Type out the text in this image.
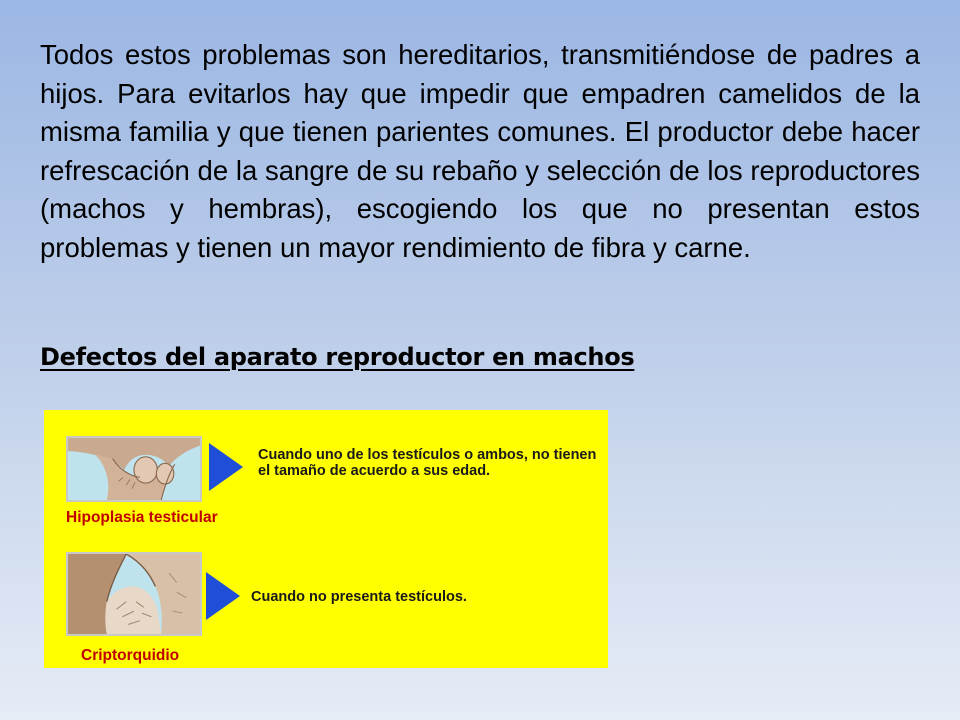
Todos estos problemas son hereditarios, transmitiéndose de padres a hijos. Para evitarlos hay que impedir que empadren camelidos de la misma familia y que tienen parientes comunes. El productor debe hacer refrescación de la sangre de su rebaño y selección de los reproductores (machos y hembras), escogiendo los que no presentan estos problemas y tienen un mayor rendimiento de fibra y carne.

Defectos del aparato reproductor en machos

Cuando uno de los testículos o ambos, no tienen el tamaño de acuerdo a sus edad.

Hipoplasia testicular

Cuando no presenta testículos.

Criptorquidio
